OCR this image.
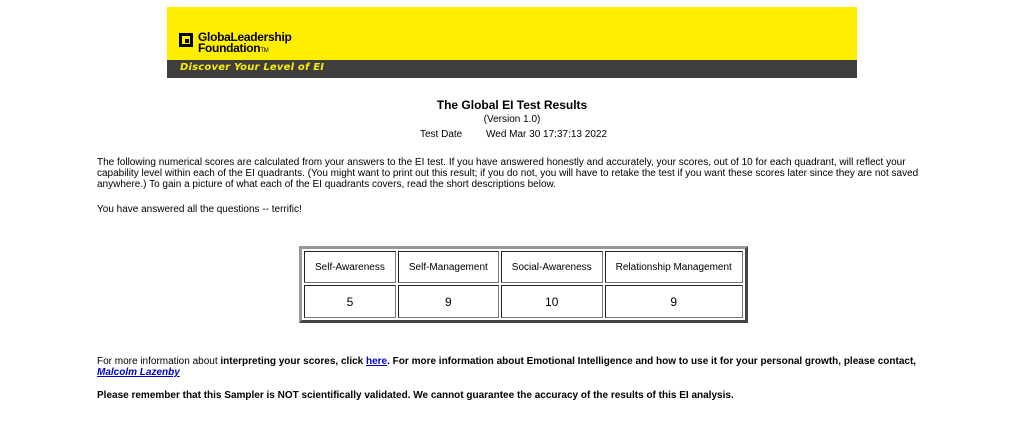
GlobaLeadership
FoundationTM
Discover Your Level of EI
The Global EI Test Results
(Version 1.0)
Test Date Wed Mar 30 17:37:13 2022
The following numerical scores are calculated from your answers to the EI test. If you have answered honestly and accurately, your scores, out of 10 for each quadrant, will reflect your capability level within each of the EI quadrants. (You might want to print out this result; if you do not, you will have to retake the test if you want these scores later since they are not saved anywhere.) To gain a picture of what each of the EI quadrants covers, read the short descriptions below.
You have answered all the questions -- terrific!
Self-Awareness	Self-Management	Social-Awareness	Relationship Management
5	9	10	9
For more information about interpreting your scores, click here. For more information about Emotional Intelligence and how to use it for your personal growth, please contact, Malcolm Lazenby
Please remember that this Sampler is NOT scientifically validated. We cannot guarantee the accuracy of the results of this EI analysis.
